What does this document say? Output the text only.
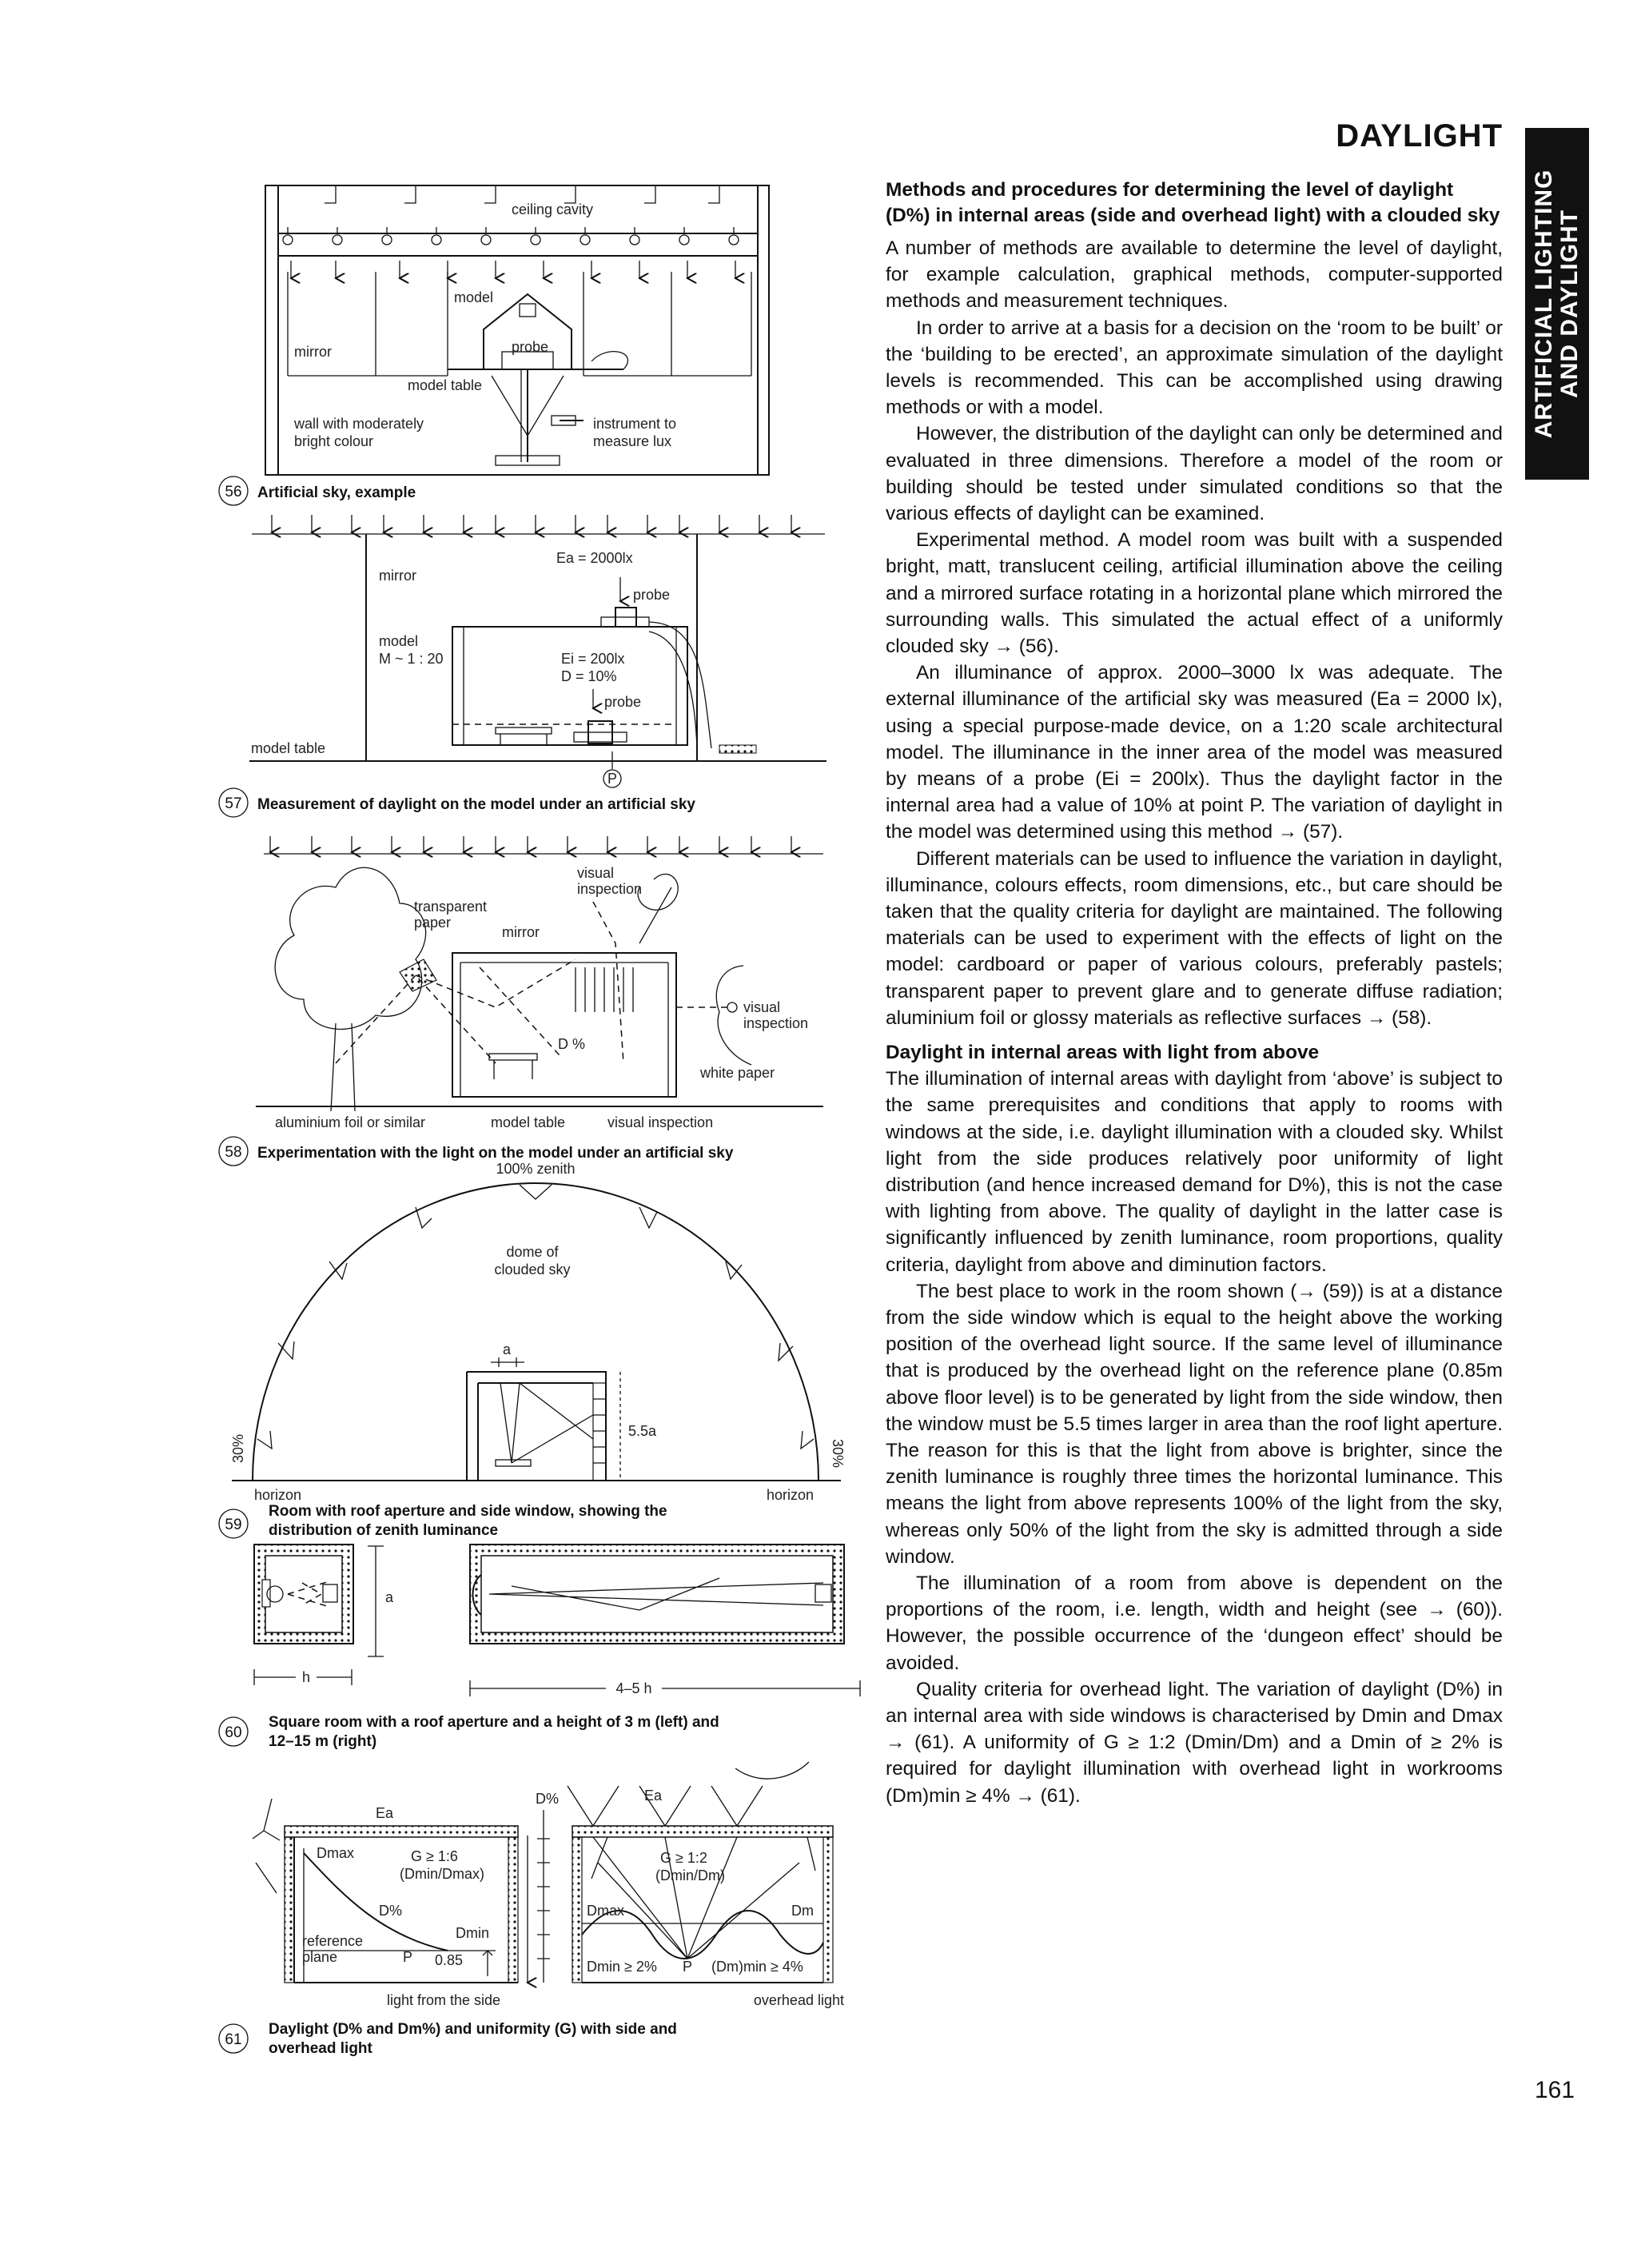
DAYLIGHT
ARTIFICIAL LIGHTING AND DAYLIGHT
Methods and procedures for determining the level of daylight (D%) in internal areas (side and overhead light) with a clouded sky

A number of methods are available to determine the level of daylight, for example calculation, graphical methods, computer-supported methods and measurement techniques.

In order to arrive at a basis for a decision on the ‘room to be built’ or the ‘building to be erected’, an approximate simulation of the daylight levels is recommended. This can be accomplished using drawing methods or with a model.

However, the distribution of the daylight can only be determined and evaluated in three dimensions. Therefore a model of the room or building should be tested under simulated conditions so that the various effects of daylight can be examined.

Experimental method. A model room was built with a suspended bright, matt, translucent ceiling, artificial illumination above the ceiling and a mirrored surface rotating in a horizontal plane which mirrored the surrounding walls. This simulated the actual effect of a uniformly clouded sky → (56).

An illuminance of approx. 2000–3000 lx was adequate. The external illuminance of the artificial sky was measured (Ea = 2000 lx), using a special purpose-made device, on a 1:20 scale architectural model. The illuminance in the inner area of the model was measured by means of a probe (Ei = 200lx). Thus the daylight factor in the internal area had a value of 10% at point P. The variation of daylight in the model was determined using this method → (57).

Different materials can be used to influence the variation in daylight, illuminance, colours effects, room dimensions, etc., but care should be taken that the quality criteria for daylight are maintained. The following materials can be used to experiment with the effects of light on the model: cardboard or paper of various colours, preferably pastels; transparent paper to prevent glare and to generate diffuse radiation; aluminium foil or glossy materials as reflective surfaces → (58).

Daylight in internal areas with light from above

The illumination of internal areas with daylight from ‘above’ is subject to the same prerequisites and conditions that apply to rooms with windows at the side, i.e. daylight illumination with a clouded sky. Whilst light from the side produces relatively poor uniformity of light distribution (and hence increased demand for D%), this is not the case with lighting from above. The quality of daylight in the latter case is significantly influenced by zenith luminance, room proportions, quality criteria, daylight from above and diminution factors.

The best place to work in the room shown (→ (59)) is at a distance from the side window which is equal to the height above the working position of the overhead light source. If the same level of illuminance that is produced by the overhead light on the reference plane (0.85m above floor level) is to be generated by light from the side window, then the window must be 5.5 times larger in area than the roof light aperture. The reason for this is that the light from above is brighter, since the zenith luminance is roughly three times the horizontal luminance. This means the light from above represents 100% of the light from the sky, whereas only 50% of the light from the sky is admitted through a side window.

The illumination of a room from above is dependent on the proportions of the room, i.e. length, width and height (see → (60)). However, the possible occurrence of the ‘dungeon effect’ should be avoided.

Quality criteria for overhead light. The variation of daylight (D%) in an internal area with side windows is characterised by Dmin and Dmax → (61). A uniformity of G ≥ 1:2 (Dmin/Dm) and a Dmin of ≥ 2% is required for daylight illumination with overhead light in workrooms (Dm)min ≥ 4% → (61).

161
ceiling cavity
model
probe
mirror
model table
wall with moderately
bright colour
instrument to
measure lux
56 Artificial sky, example
Ea = 2000lx
probe
mirror
model
M ~ 1 : 20	Ei = 200lx
D = 10%
probe
P
model table
57 Measurement of daylight on the model under an artificial sky
transparent
paper
visual
inspection
mirror
D %
visual
inspection
white paper
aluminium foil or similar	model table	visual inspection
58 Experimentation with the light on the model under an artificial sky
100% zenith
dome of
clouded sky
a
5.5a
30%	30%
horizon	horizon
59
Room with roof aperture and side window, showing the
distribution of zenith luminance
a
h
4–5 h
60
Square room with a roof aperture and a height of 3 m (left) and
12–15 m (right)
Ea
Dmax	G ≥ 1:6
(Dmin/Dmax)
D%
Dmin
reference
plane	P 0.85
light from the side
D%	Ea
G ≥ 1:2
(Dmin/Dm)
Dmax	Dm
Dmin ≥ 2% P (Dm)min ≥ 4%
overhead light
61
Daylight (D% and Dm%) and uniformity (G) with side and
overhead light
